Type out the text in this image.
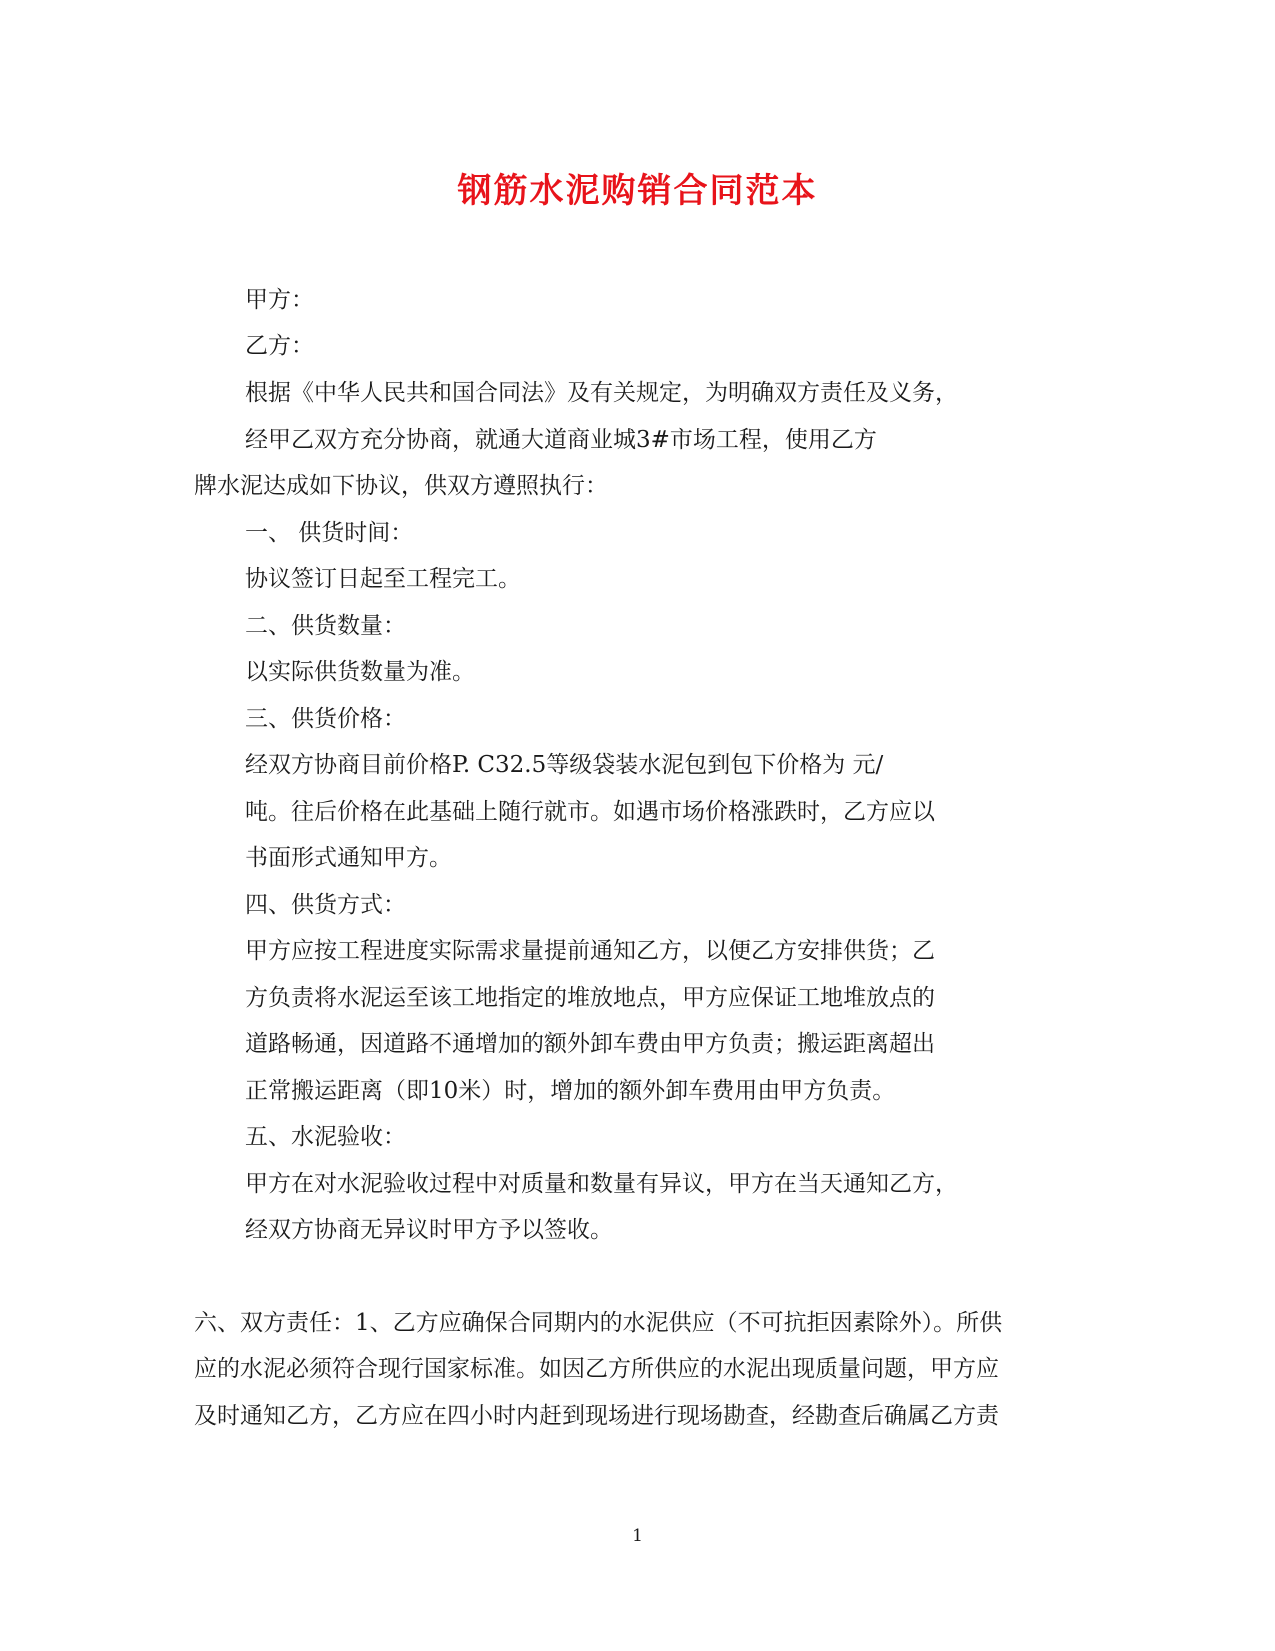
钢筋水泥购销合同范本
甲方：
乙方：
根据《中华人民共和国合同法》及有关规定，为明确双方责任及义务，
经甲乙双方充分协商，就通大道商业城3#市场工程，使用乙方
牌水泥达成如下协议，供双方遵照执行：
一、 供货时间：
协议签订日起至工程完工。
二、供货数量：
以实际供货数量为准。
三、供货价格：
经双方协商目前价格P. C32.5等级袋装水泥包到包下价格为 元/
吨。往后价格在此基础上随行就市。如遇市场价格涨跌时，乙方应以
书面形式通知甲方。
四、供货方式：
甲方应按工程进度实际需求量提前通知乙方，以便乙方安排供货；乙
方负责将水泥运至该工地指定的堆放地点，甲方应保证工地堆放点的
道路畅通，因道路不通增加的额外卸车费由甲方负责；搬运距离超出
正常搬运距离（即10米）时，增加的额外卸车费用由甲方负责。
五、水泥验收：
甲方在对水泥验收过程中对质量和数量有异议，甲方在当天通知乙方，
经双方协商无异议时甲方予以签收。
六、双方责任：1、乙方应确保合同期内的水泥供应（不可抗拒因素除外）。所供
应的水泥必须符合现行国家标准。如因乙方所供应的水泥出现质量问题，甲方应
及时通知乙方，乙方应在四小时内赶到现场进行现场勘查，经勘查后确属乙方责
1
